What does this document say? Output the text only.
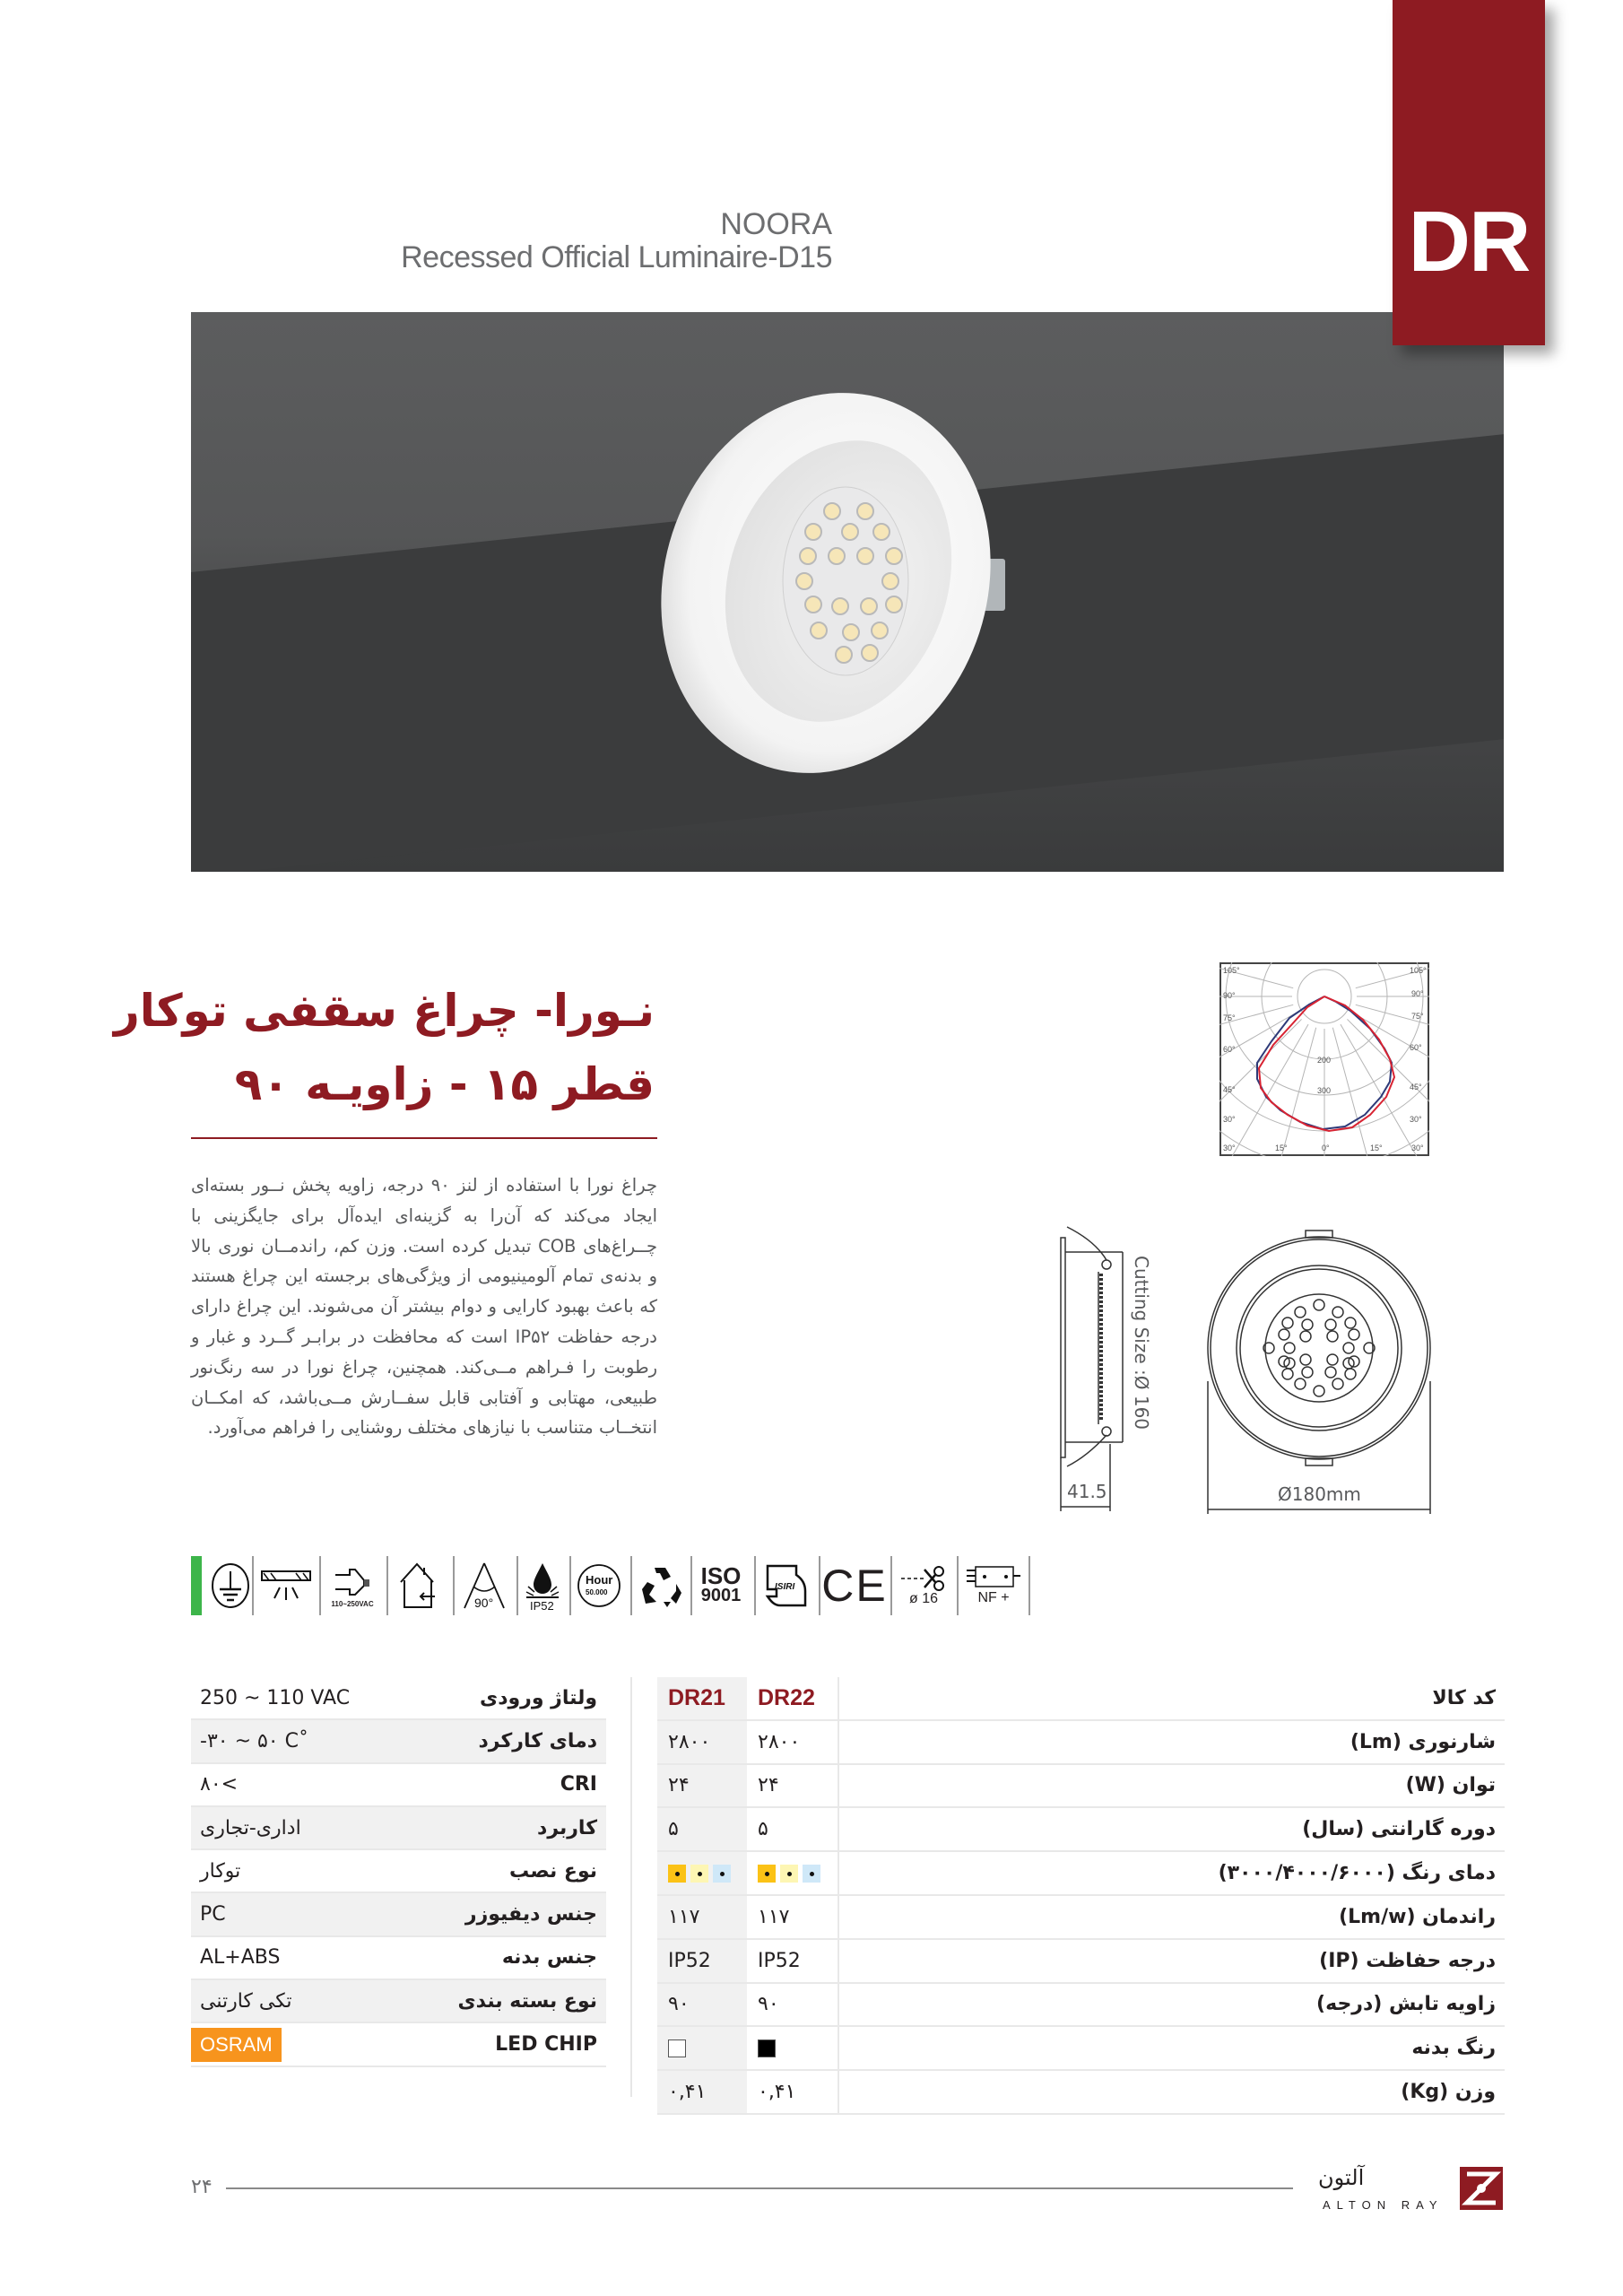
NOORA
Recessed Official Luminaire-D15	DR
نـورا- چراغ سقفی توکار
قطر ۱۵ - زاویـه ۹۰
چراغ نورا با استفاده از لنز ۹۰ درجه، زاویه پخش نــور بسته‌ای ایجاد می‌کند که آن‌را به گزینه‌ای ایده‌آل برای جایگزینی با چــراغ‌های COB تبدیل کرده است. وزن کم، راندمــان نوری بالا و بدنه‌ی تمام آلومینیومی از ویژگی‌های برجسته این چراغ هستند که باعث بهبود کارایی و دوام بیشتر آن می‌شوند. این چراغ دارای درجه حفاظت IP۵۲ است که محافظت در برابـر گــرد و غبار و رطوبت را فـراهم مــی‌کند. همچنین، چراغ نورا در سه رنگ‌نور طبیعی، مهتابی و آفتابی قابل سفــارش مــی‌باشد، که امکــان انتخــاب متناسب با نیازهای مختلف روشنایی را فراهم می‌آورد.
105°
90°
75°
60°
45°
30°
105°
90°
75°
60°
45°
30°
30°	15°	0°	15°	30°
200
300
41.5
Cutting Size :Ø 160
Ø180mm
110~250VAC	90°	IP52
Hour
50.000
ISO
9001	ISIRI CE ø 16	NF +
250 ~ 110 VAC	ولتاژ ورودی
-۳۰ ~ ۵۰ C˚	دمای کارکرد
۸۰<	CRI
اداری-تجاری	کاربرد
توکار	نوع نصب
PC	جنس دیفیوزر
AL+ABS	جنس بدنه
تکی کارتنی	نوع بسته بندی
OSRAM	LED CHIP
DR21	DR22	کد کالا
۲۸۰۰	۲۸۰۰	شارنوری (Lm)
۲۴	۲۴	توان (W)
۵	۵	دوره گارانتی (سال)
		دمای رنگ (۳۰۰۰/۴۰۰۰/۶۰۰۰)
۱۱۷	۱۱۷	راندمان (Lm/w)
IP52	IP52	درجه حفاظت (IP)
۹۰	۹۰	زاویه تابش (درجه)
		رنگ بدنه
۰,۴۱	۰,۴۱	وزن (Kg)
۲۴	آلتون
ALTON RAY
